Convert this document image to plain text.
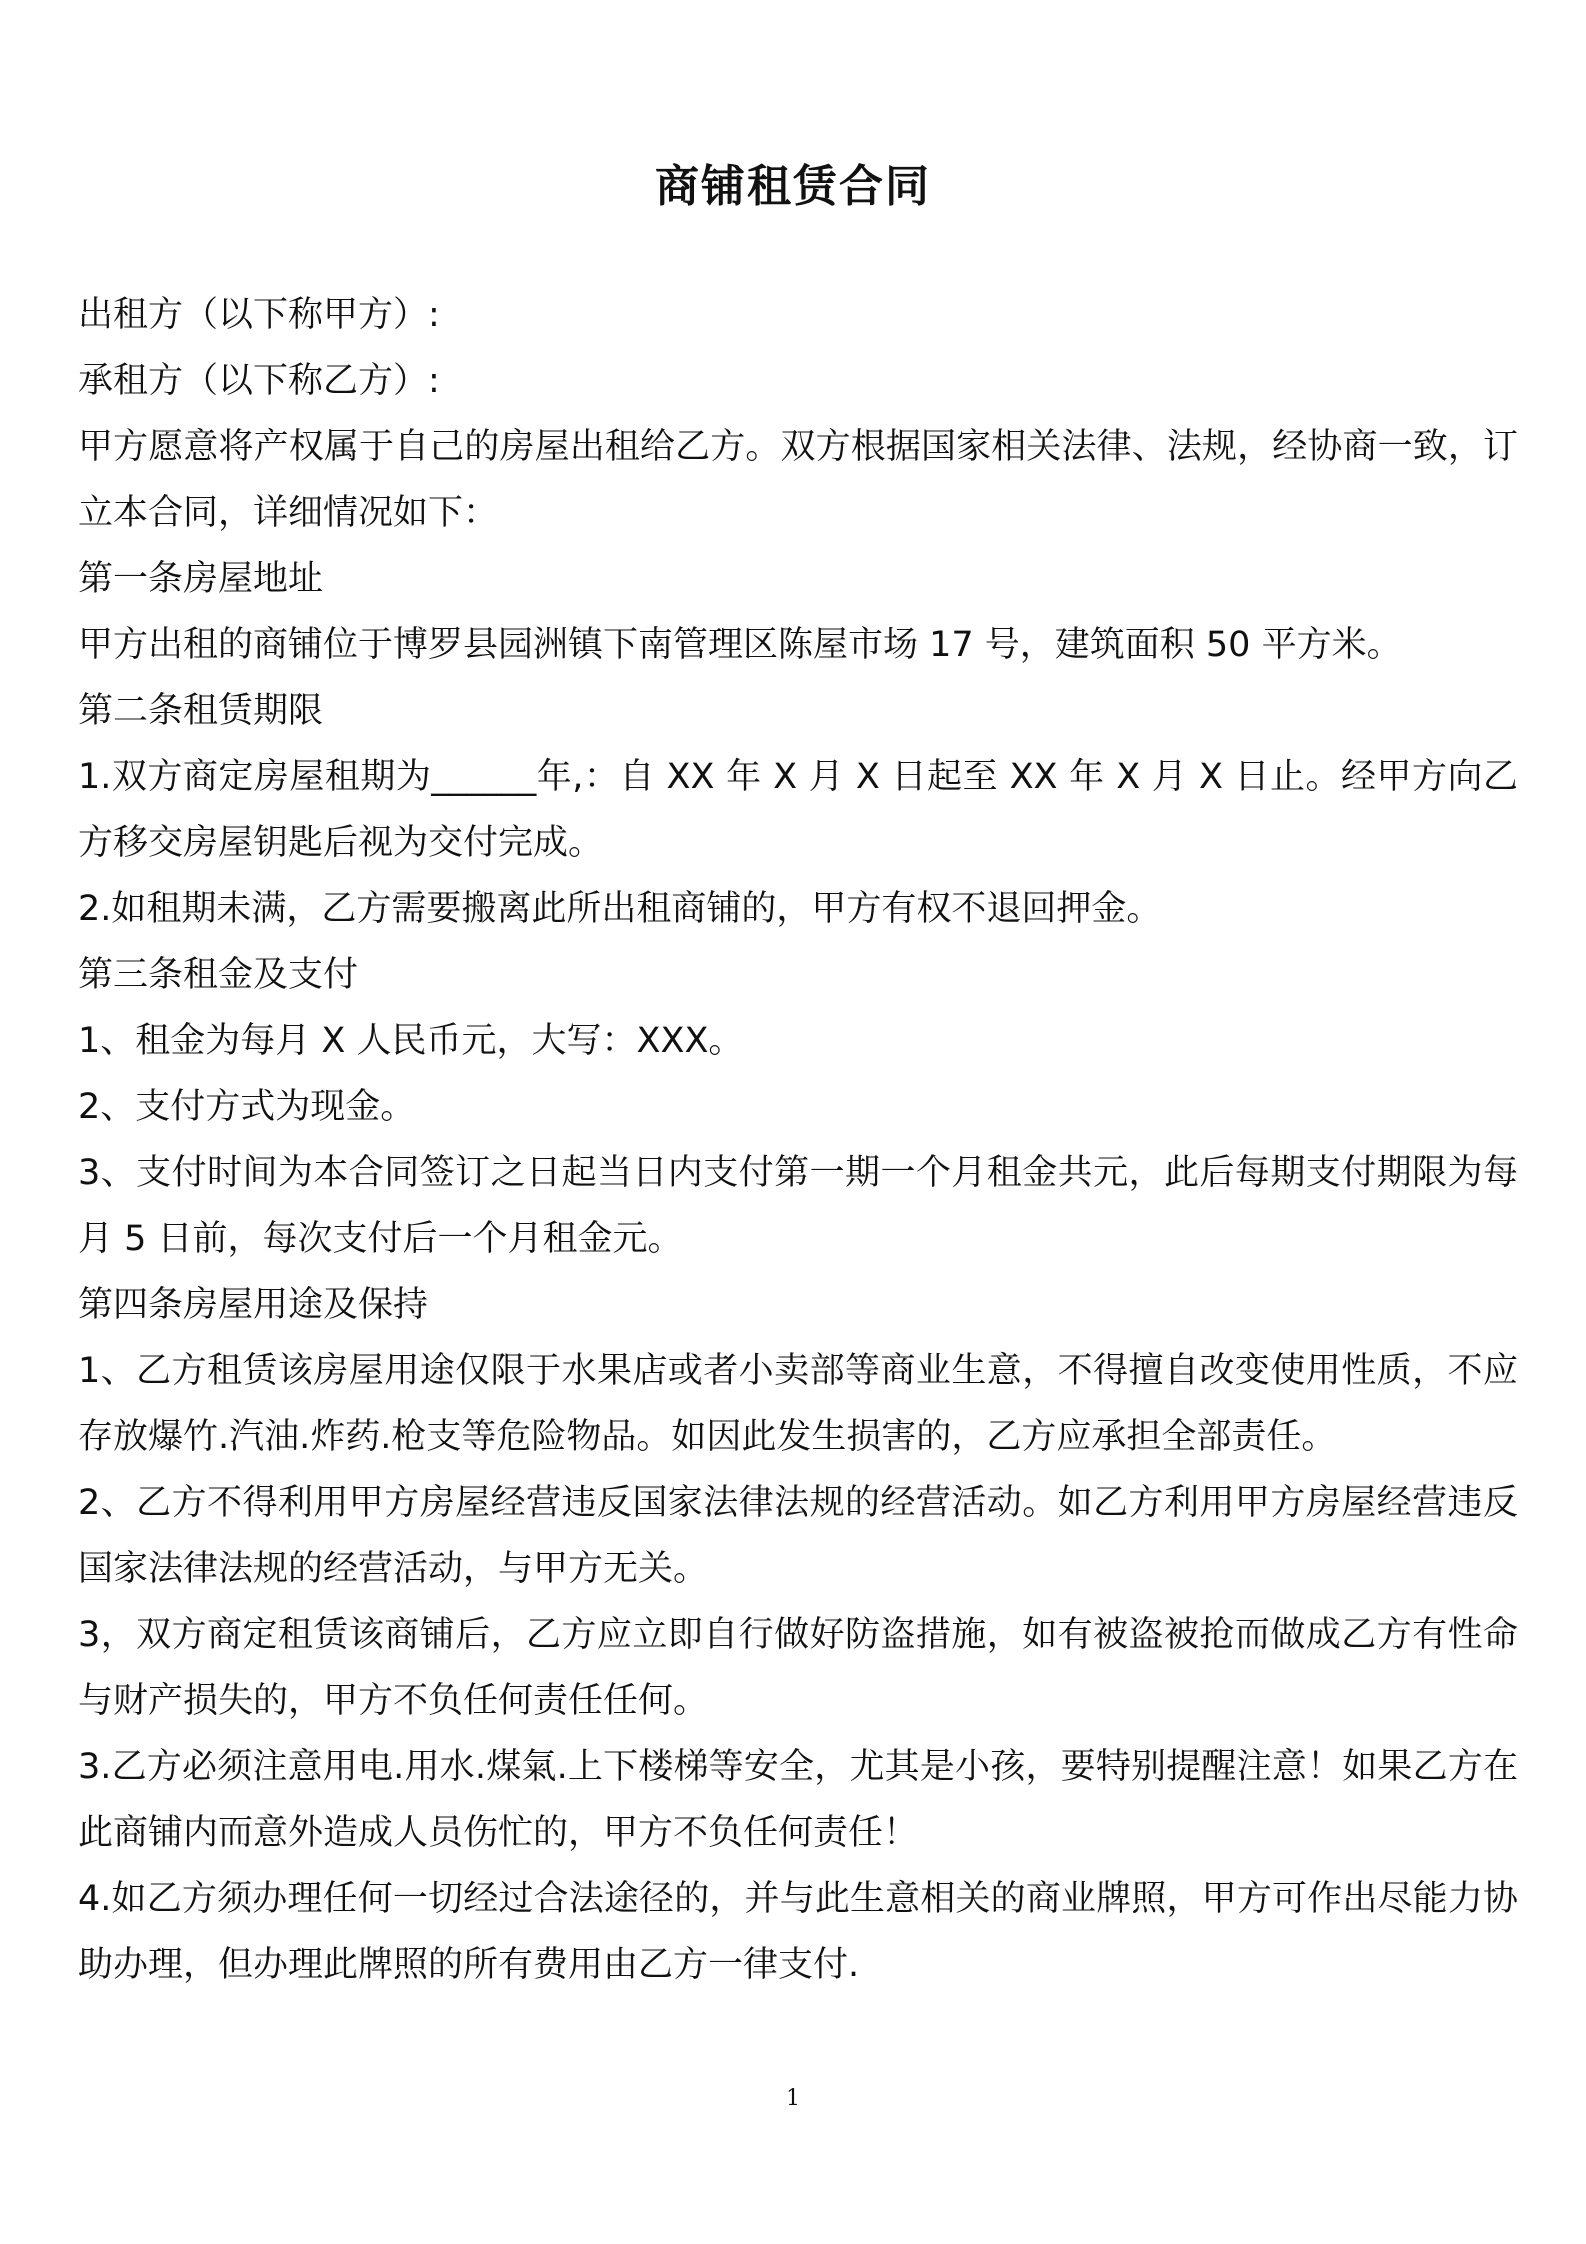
商铺租赁合同

出租方（以下称甲方）:

承租方（以下称乙方）:

甲方愿意将产权属于自己的房屋出租给乙方。双方根据国家相关法律、法规，经协商一致，订立本合同，详细情况如下：

第一条房屋地址

甲方出租的商铺位于博罗县园洲镇下南管理区陈屋市场 17 号，建筑面积 50 平方米。

第二条租赁期限

1.双方商定房屋租期为______年,：自 XX 年 X 月 X 日起至 XX 年 X 月 X 日止。经甲方向乙方移交房屋钥匙后视为交付完成。

2.如租期未满，乙方需要搬离此所出租商铺的，甲方有权不退回押金。

第三条租金及支付

1、租金为每月 X 人民币元，大写：XXX。

2、支付方式为现金。

3、支付时间为本合同签订之日起当日内支付第一期一个月租金共元，此后每期支付期限为每月 5 日前，每次支付后一个月租金元。

第四条房屋用途及保持

1、乙方租赁该房屋用途仅限于水果店或者小卖部等商业生意，不得擅自改变使用性质，不应存放爆竹.汽油.炸药.枪支等危险物品。如因此发生损害的，乙方应承担全部责任。

2、乙方不得利用甲方房屋经营违反国家法律法规的经营活动。如乙方利用甲方房屋经营违反国家法律法规的经营活动，与甲方无关。

3，双方商定租赁该商铺后，乙方应立即自行做好防盗措施，如有被盗被抢而做成乙方有性命与财产损失的，甲方不负任何责任任何。

3.乙方必须注意用电.用水.煤氣.上下楼梯等安全，尤其是小孩，要特别提醒注意！如果乙方在此商铺内而意外造成人员伤忙的，甲方不负任何责任！

4.如乙方须办理任何一切经过合法途径的，并与此生意相关的商业牌照，甲方可作出尽能力协助办理，但办理此牌照的所有费用由乙方一律支付.

1
